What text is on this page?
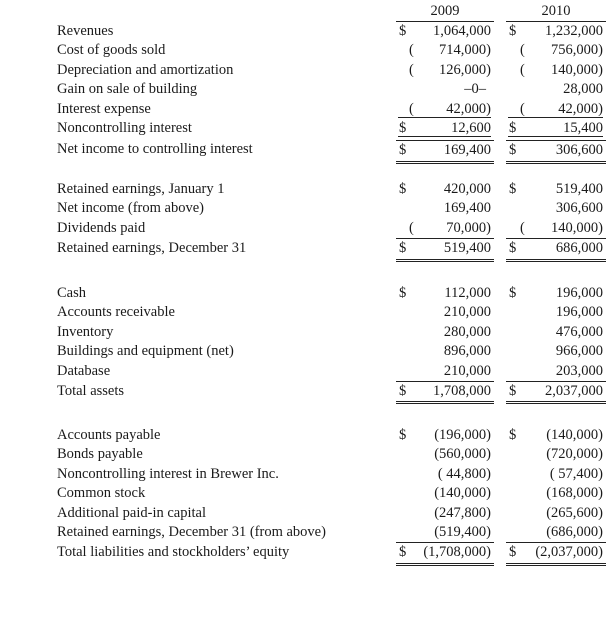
2009	2010
Revenues	$ 1,064,000 $ 1,232,000
Cost of goods sold	( 714,000) ( 756,000)
Depreciation and amortization	( 126,000) ( 140,000)
Gain on sale of building	–0–	28,000
Interest expense	( 42,000) ( 42,000)
Noncontrolling interest	$	12,600 $	15,400
Net income to controlling interest	$	169,400 $	306,600
Retained earnings, January 1	$	420,000 $	519,400
Net income (from above)	169,400	306,600
Dividends paid	( 70,000) ( 140,000)
Retained earnings, December 31	$	519,400 $	686,000
Cash	$	112,000 $	196,000
Accounts receivable	210,000	196,000
Inventory	280,000	476,000
Buildings and equipment (net)	896,000	966,000
Database	210,000	203,000
Total assets	$ 1,708,000 $ 2,037,000
Accounts payable	$ (196,000) $ (140,000)
Bonds payable	(560,000)	(720,000)
Noncontrolling interest in Brewer Inc.	( 44,800)	( 57,400)
Common stock	(140,000)	(168,000)
Additional paid-in capital	(247,800)	(265,600)
Retained earnings, December 31 (from above)	(519,400)	(686,000)
Total liabilities and stockholders’ equity	$ (1,708,000) $ (2,037,000)
